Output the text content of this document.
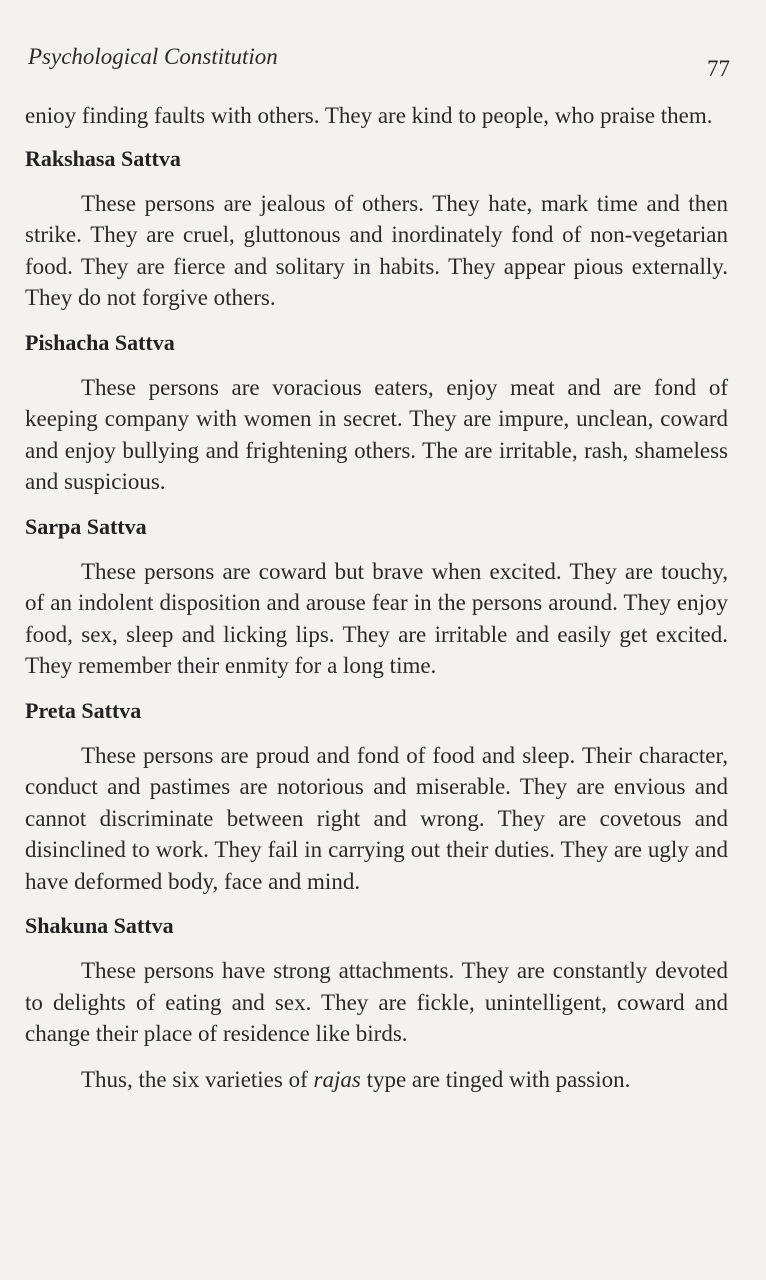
Psychological Constitution	77

enioy finding faults with others. They are kind to people, who praise them.

Rakshasa Sattva

These persons are jealous of others. They hate, mark time and then strike. They are cruel, gluttonous and inordinately fond of non-vegetarian food. They are fierce and solitary in habits. They appear pious externally. They do not forgive others.

Pishacha Sattva

These persons are voracious eaters, enjoy meat and are fond of keeping company with women in secret. They are impure, unclean, coward and enjoy bullying and frightening others. The are irritable, rash, shameless and suspicious.

Sarpa Sattva

These persons are coward but brave when excited. They are touchy, of an indolent disposition and arouse fear in the persons around. They enjoy food, sex, sleep and licking lips. They are irritable and easily get excited. They remember their enmity for a long time.

Preta Sattva

These persons are proud and fond of food and sleep. Their character, conduct and pastimes are notorious and miserable. They are envious and cannot discriminate between right and wrong. They are covetous and disinclined to work. They fail in carrying out their duties. They are ugly and have deformed body, face and mind.

Shakuna Sattva

These persons have strong attachments. They are constantly devoted to delights of eating and sex. They are fickle, unintelligent, coward and change their place of residence like birds.

Thus, the six varieties of rajas type are tinged with passion.
